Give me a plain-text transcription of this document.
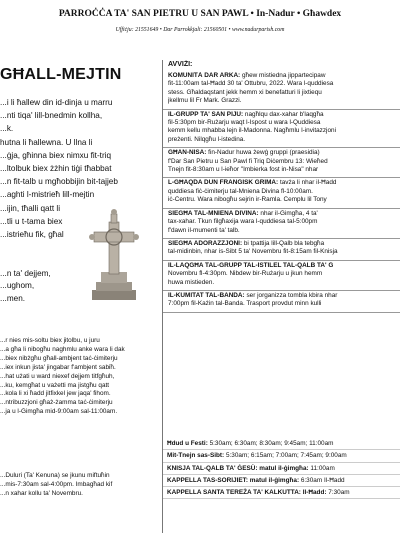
PARROĊĊA TA' SAN PIETRU U SAN PAWL • In-Nadur • Għawdex
Uffiċju: 21551649 • Dar Parrokkjali: 21560501 • www.nadurparish.com
GĦALL-MEJTIN
...i li ħallew din id-dinja u marru
...nti tiqa' lill-bnedmin kollha,
...k.
hutna li ħallewna. U llna li
...ġja, għinna biex nimxu fit-triq
...ltolbuk biex żżhin tiġi tħabbat
...n fit-talb u mgħobbijin bit-tajjeb
...aghti l-mistrieħ lill-mejtin
...ijin, tħalli qatt li
...tli u t-tama biex
...istrieħu fik, għal
...n ta' dejjem,
...ughom,
...men.
...r nies mis-soltu biex jitolbu, u juru
...a għa li nibogħu naghmlu anke wara li dak
...biex nibżgħu għall-ambjent taċ-ċimiterju
...iex inkun jista' jingabar f'ambjent sabiħ.
...hat użati u ward niexef dejjem titfgħuh,
...ku, kemgħat u vażetti ma jistgħu qatt
...kola li xi ħadd jitfixkel jew jaqa' fihom.
...ntribuzzjoni għaż-żamma taċ-ċimiterju
...ja u l-Ġimgħa mid-9:00am sal-11:00am.
...Duluri (Ta' Kenuna) se jkunu miftuħin
...mis-7:30am sal-4:00pm. Imbagħad kif
...n xahar kollu ta' Novembru.
AVVIŻI:
KOMUNITÀ DAR ARKA: għew mistiedna jippartecipaw
fit-11:00am tal-Ħadd 30 ta' Ottubru, 2022. Wara l-quddiesa
stess. Għaldaqstant jekk hemm xi benefatturi li jixtiequ
jkellmu lil Fr Mark. Grazzi.
IL-GRUPP TA' SAN PIJU: nagħlqu dax-xahar b'laqgħa
fil-5:30pm bir-Rużarju waqt l-Ispost u wara l-Quddiesa
kemm kellu mhabba lejn il-Madonna. Nagħmlu l-invitazzjoni
preżenti. Nilqgħu l-istedina.
GĦAN-NISA: fin-Nadur huwa żewġ gruppi (praesidia)
f'Dar San Pietru u San Pawl fi Triq Diċembru 13: Wieħed
Tnejn fit-8:30am u l-ieħor "Imbierka fost in-Nisa" nhar
L-GĦAQDA DUN FRANĠISK GRIMA: tavża li nhar il-Ħadd
quddiesa fiċ-ċimiterju tal-Mniena Divina fl-10:00am.
iċ-Ċentru. Wara nibogħu sejrin ir-Ramla. Ċemplu lil Tony
SIEGĦA TAL-MNIENA DIVINA: nhar il-Ġimgħa, 4 ta'
tax-xahar. Tkun filgħaxija wara l-quddiesa tal-5:00pm
f'dawn il-mumenti ta' talb.
SIEGĦA ADORAZZJONI: bi tpattija lill-Qalb bla tebgħa
tal-midinbin, nhar is-Sibt 5 ta' Novembru fit-8:15am fil-Knisja
IL-LAQGĦA TAL-GRUPP TAL-ISTILEL TAL-QALB TA' Ġ
Novembru fl-4:30pm. Nibdew bir-Rużarju u jkun hemm
huwa mistieden.
IL-KUMITAT TAL-BANDA: ser jorganizza tombla kbira nhar
7:00pm fil-Każin tal-Banda. Trasport provdut minn kulli
Ħdud u Festi: 5:30am; 6:30am; 8:30am; 9:45am; 11:00am
Mit-Tnejn sas-Sibt: 5:30am; 6:15am; 7:00am; 7:45am; 9:00am
KNISJA TAL-QALB TA' ĠESÙ: matul il-ġimgħa: 11:00am
KAPPELLA TAS-SORIJIET: matul il-ġimgħa: 6:30am Il-Ħadd
KAPPELLA SANTA TEREŻA TA' KALKUTTA: Il-Ħadd: 7:30am
